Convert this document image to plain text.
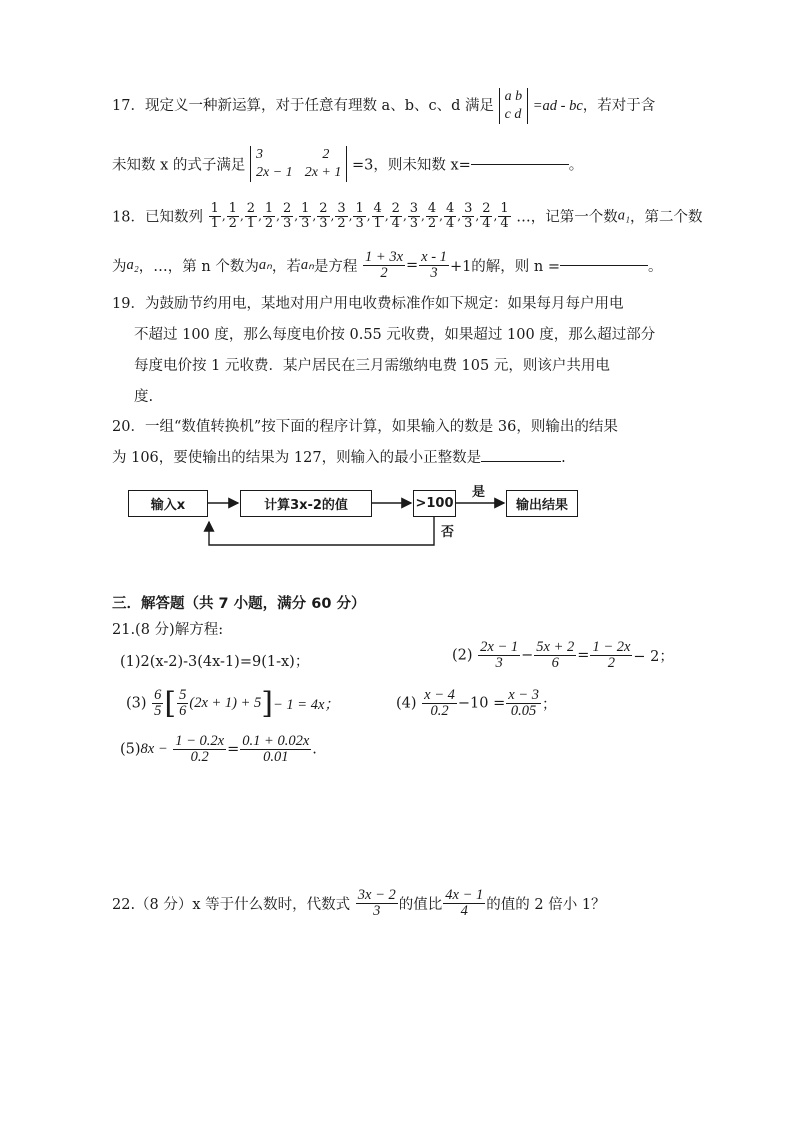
17．现定义一种新运算，对于任意有理数 a、b、c、d 满足
a b
c d
=ad - bc，若对于含
未知数 x 的式子满足
3	2
2x − 1 2x + 1 =3，则未知数 x=	。
18．已知数列 $\frac{1}{1}$ , $\frac{1}{2}$ , $\frac{2}{1}$ , $\frac{1}{2}$ , $\frac{2}{3}$ , $\frac{1}{3}$ , $\frac{2}{3}$ , $\frac{3}{2}$ , $\frac{1}{3}$ , $\frac{4}{1}$ , $\frac{2}{4}$ , $\frac{3}{3}$ , $\frac{4}{2}$ , $\frac{4}{4}$ , $\frac{3}{3}$ , $\frac{2}{4}$ , $\frac{1}{4}$ …，记第一个数a₁，第二个数
为a₂，…，第 n 个数为aₙ，若aₙ是方程 $\frac{1 + 3x}{2} = \frac{x - 1}{3} +1$的解，则 n =	。
19．为鼓励节约用电，某地对用户用电收费标准作如下规定：如果每月每户用电
不超过 100 度，那么每度电价按 0.55 元收费，如果超过 100 度，那么超过部分
每度电价按 1 元收费．某户居民在三月需缴纳电费 105 元，则该户共用电
度.
20．一组“数值转换机”按下面的程序计算，如果输入的数是 36，则输出的结果
为 106，要使输出的结果为 127，则输入的最小正整数是	.
输入x	计算3x-2的值	>100	输出结果
是
否
三．解答题（共 7 小题，满分 60 分）
21.(8 分)解方程:
(1)2(x-2)-3(4x-1)=9(1-x)；	$(2) \frac{2x - 1}{3} - \frac{5x + 2}{6} = \frac{1 - 2x}{2} - 2$；
$(3) \frac{6}{5}$ [ $\frac{5}{6} (2x + 1) + 5]- 1 = 4x$；	$(4) \frac{x - 4}{0.2} -10 = \frac{x - 3}{0.05}$ ；
$(5)8x - \frac{1 - 0.2x}{0.2} = \frac{0.1 + 0.02x}{0.01}$ .
22.（8 分）x 等于什么数时，代数式 $\frac{3x - 2}{3}$ 的值比 $\frac{4x - 1}{4}$ 的值的 2 倍小 1？
